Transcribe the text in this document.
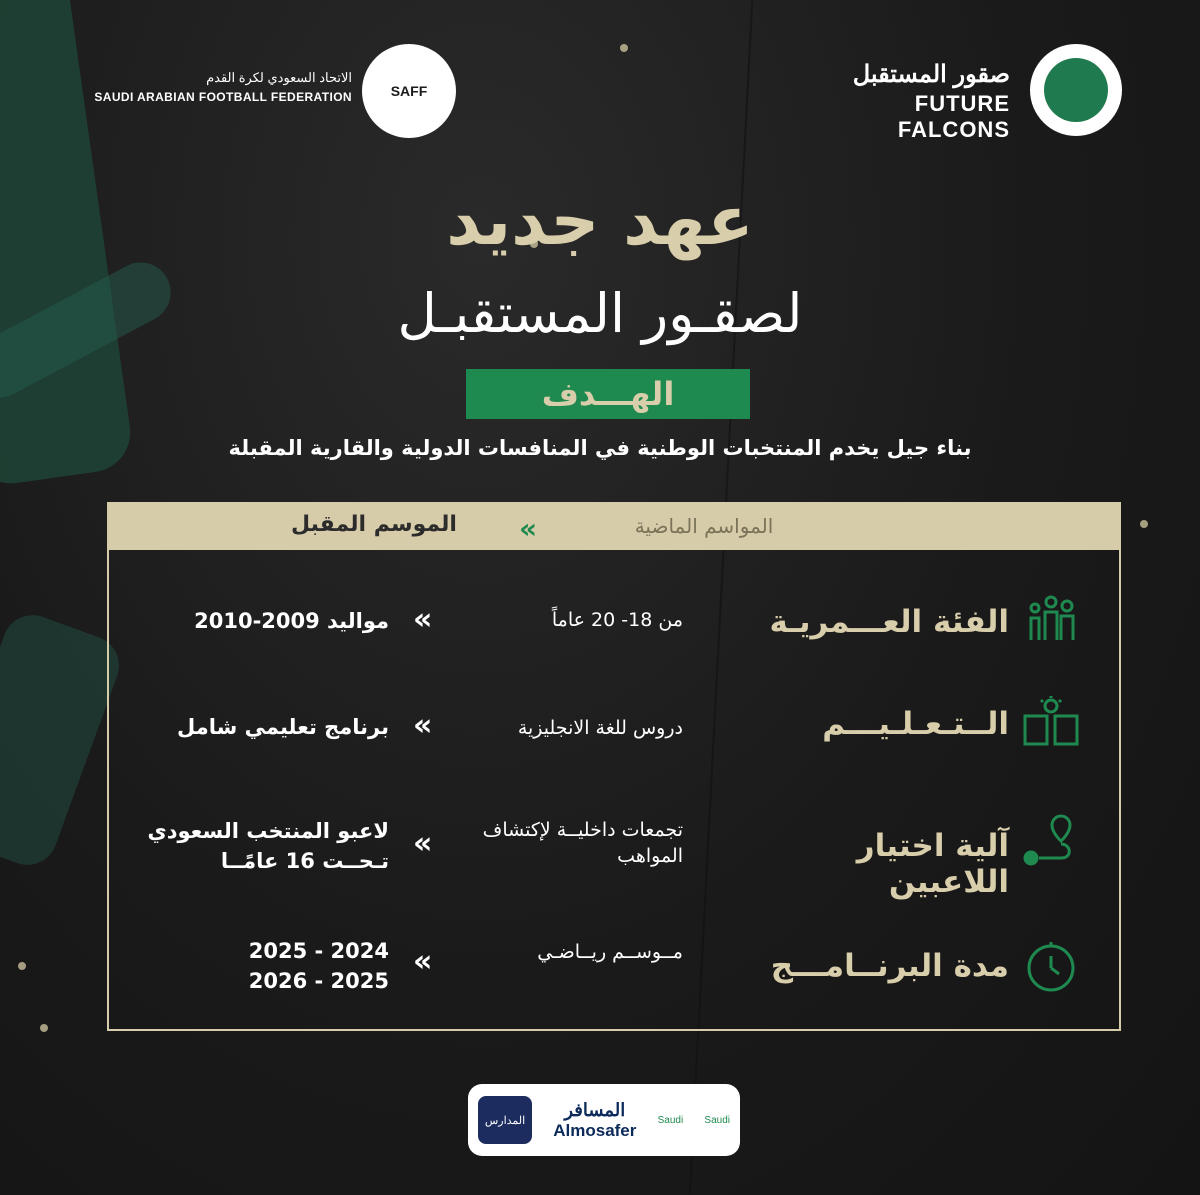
الاتحاد السعودي لكرة القدم
SAUDI ARABIAN FOOTBALL FEDERATION	SAFF
صقور المستقبل
FUTURE FALCONS
عهد جديد
لصقـور المستقبـل
الهـــدف
بناء جيل يخدم المنتخبات الوطنية في المنافسات الدولية والقارية المقبلة
المواسم الماضية
«
الموسم المقبل
الفئة العـــمريـة
من 18- 20 عاماً
«
مواليد 2009-2010
الــتـعـلـيـــم
دروس للغة الانجليزية
«
برنامج تعليمي شامل
آلية اختيار اللاعبين
تجمعات داخليــة لإكتشاف المواهب
«
لاعبو المنتخب السعودي تـحــت 16 عامًــا
مدة البرنــامـــج
مــوســم ريــاضـي
«
2024 - 2025
2025 - 2026
المدارس
المسافر
Almosafer
Saudi Saudi
